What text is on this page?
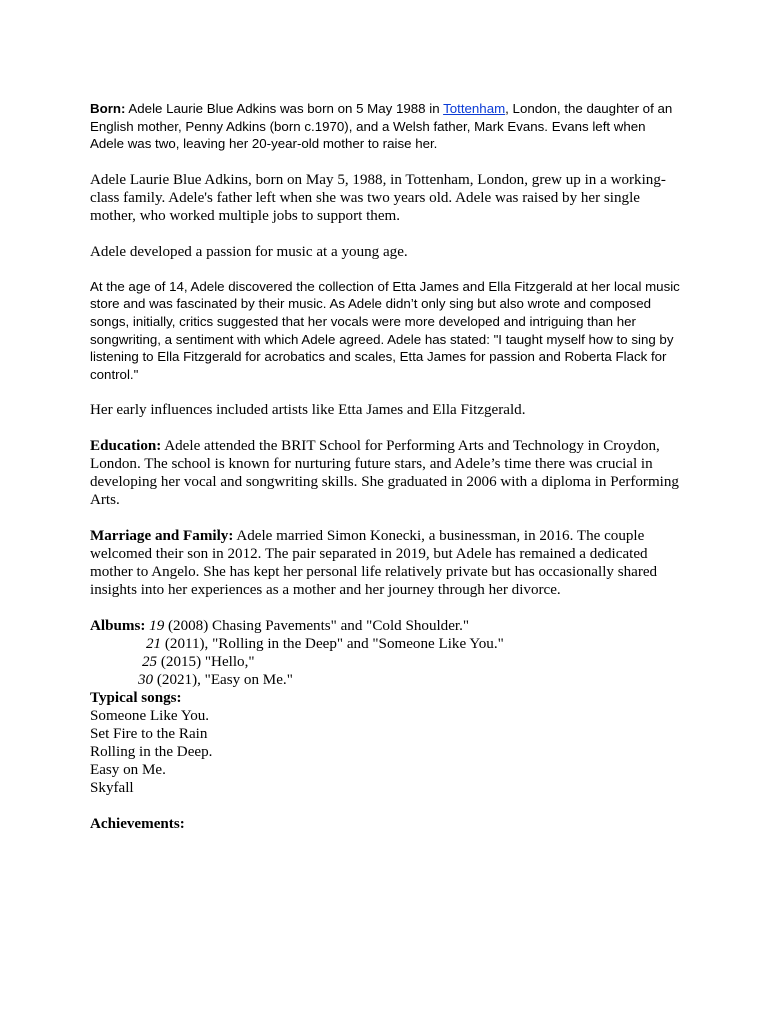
Born: Adele Laurie Blue Adkins was born on 5 May 1988 in Tottenham, London, the daughter of an English mother, Penny Adkins (born c.1970), and a Welsh father, Mark Evans. Evans left when Adele was two, leaving her 20-year-old mother to raise her.

Adele Laurie Blue Adkins, born on May 5, 1988, in Tottenham, London, grew up in a working-class family. Adele's father left when she was two years old. Adele was raised by her single mother, who worked multiple jobs to support them.

Adele developed a passion for music at a young age.

At the age of 14, Adele discovered the collection of Etta James and Ella Fitzgerald at her local music store and was fascinated by their music. As Adele didn’t only sing but also wrote and composed songs, initially, critics suggested that her vocals were more developed and intriguing than her songwriting, a sentiment with which Adele agreed. Adele has stated: "I taught myself how to sing by listening to Ella Fitzgerald for acrobatics and scales, Etta James for passion and Roberta Flack for control."

Her early influences included artists like Etta James and Ella Fitzgerald.

Education: Adele attended the BRIT School for Performing Arts and Technology in Croydon, London. The school is known for nurturing future stars, and Adele’s time there was crucial in developing her vocal and songwriting skills. She graduated in 2006 with a diploma in Performing Arts.

Marriage and Family: Adele married Simon Konecki, a businessman, in 2016. The couple welcomed their son in 2012. The pair separated in 2019, but Adele has remained a dedicated mother to Angelo. She has kept her personal life relatively private but has occasionally shared insights into her experiences as a mother and her journey through her divorce.

Albums: 19 (2008) Chasing Pavements" and "Cold Shoulder."

21 (2011), "Rolling in the Deep" and "Someone Like You."

25 (2015) "Hello,"

30 (2021), "Easy on Me."

Typical songs:

Someone Like You.

Set Fire to the Rain

Rolling in the Deep.

Easy on Me.

Skyfall

Achievements:
